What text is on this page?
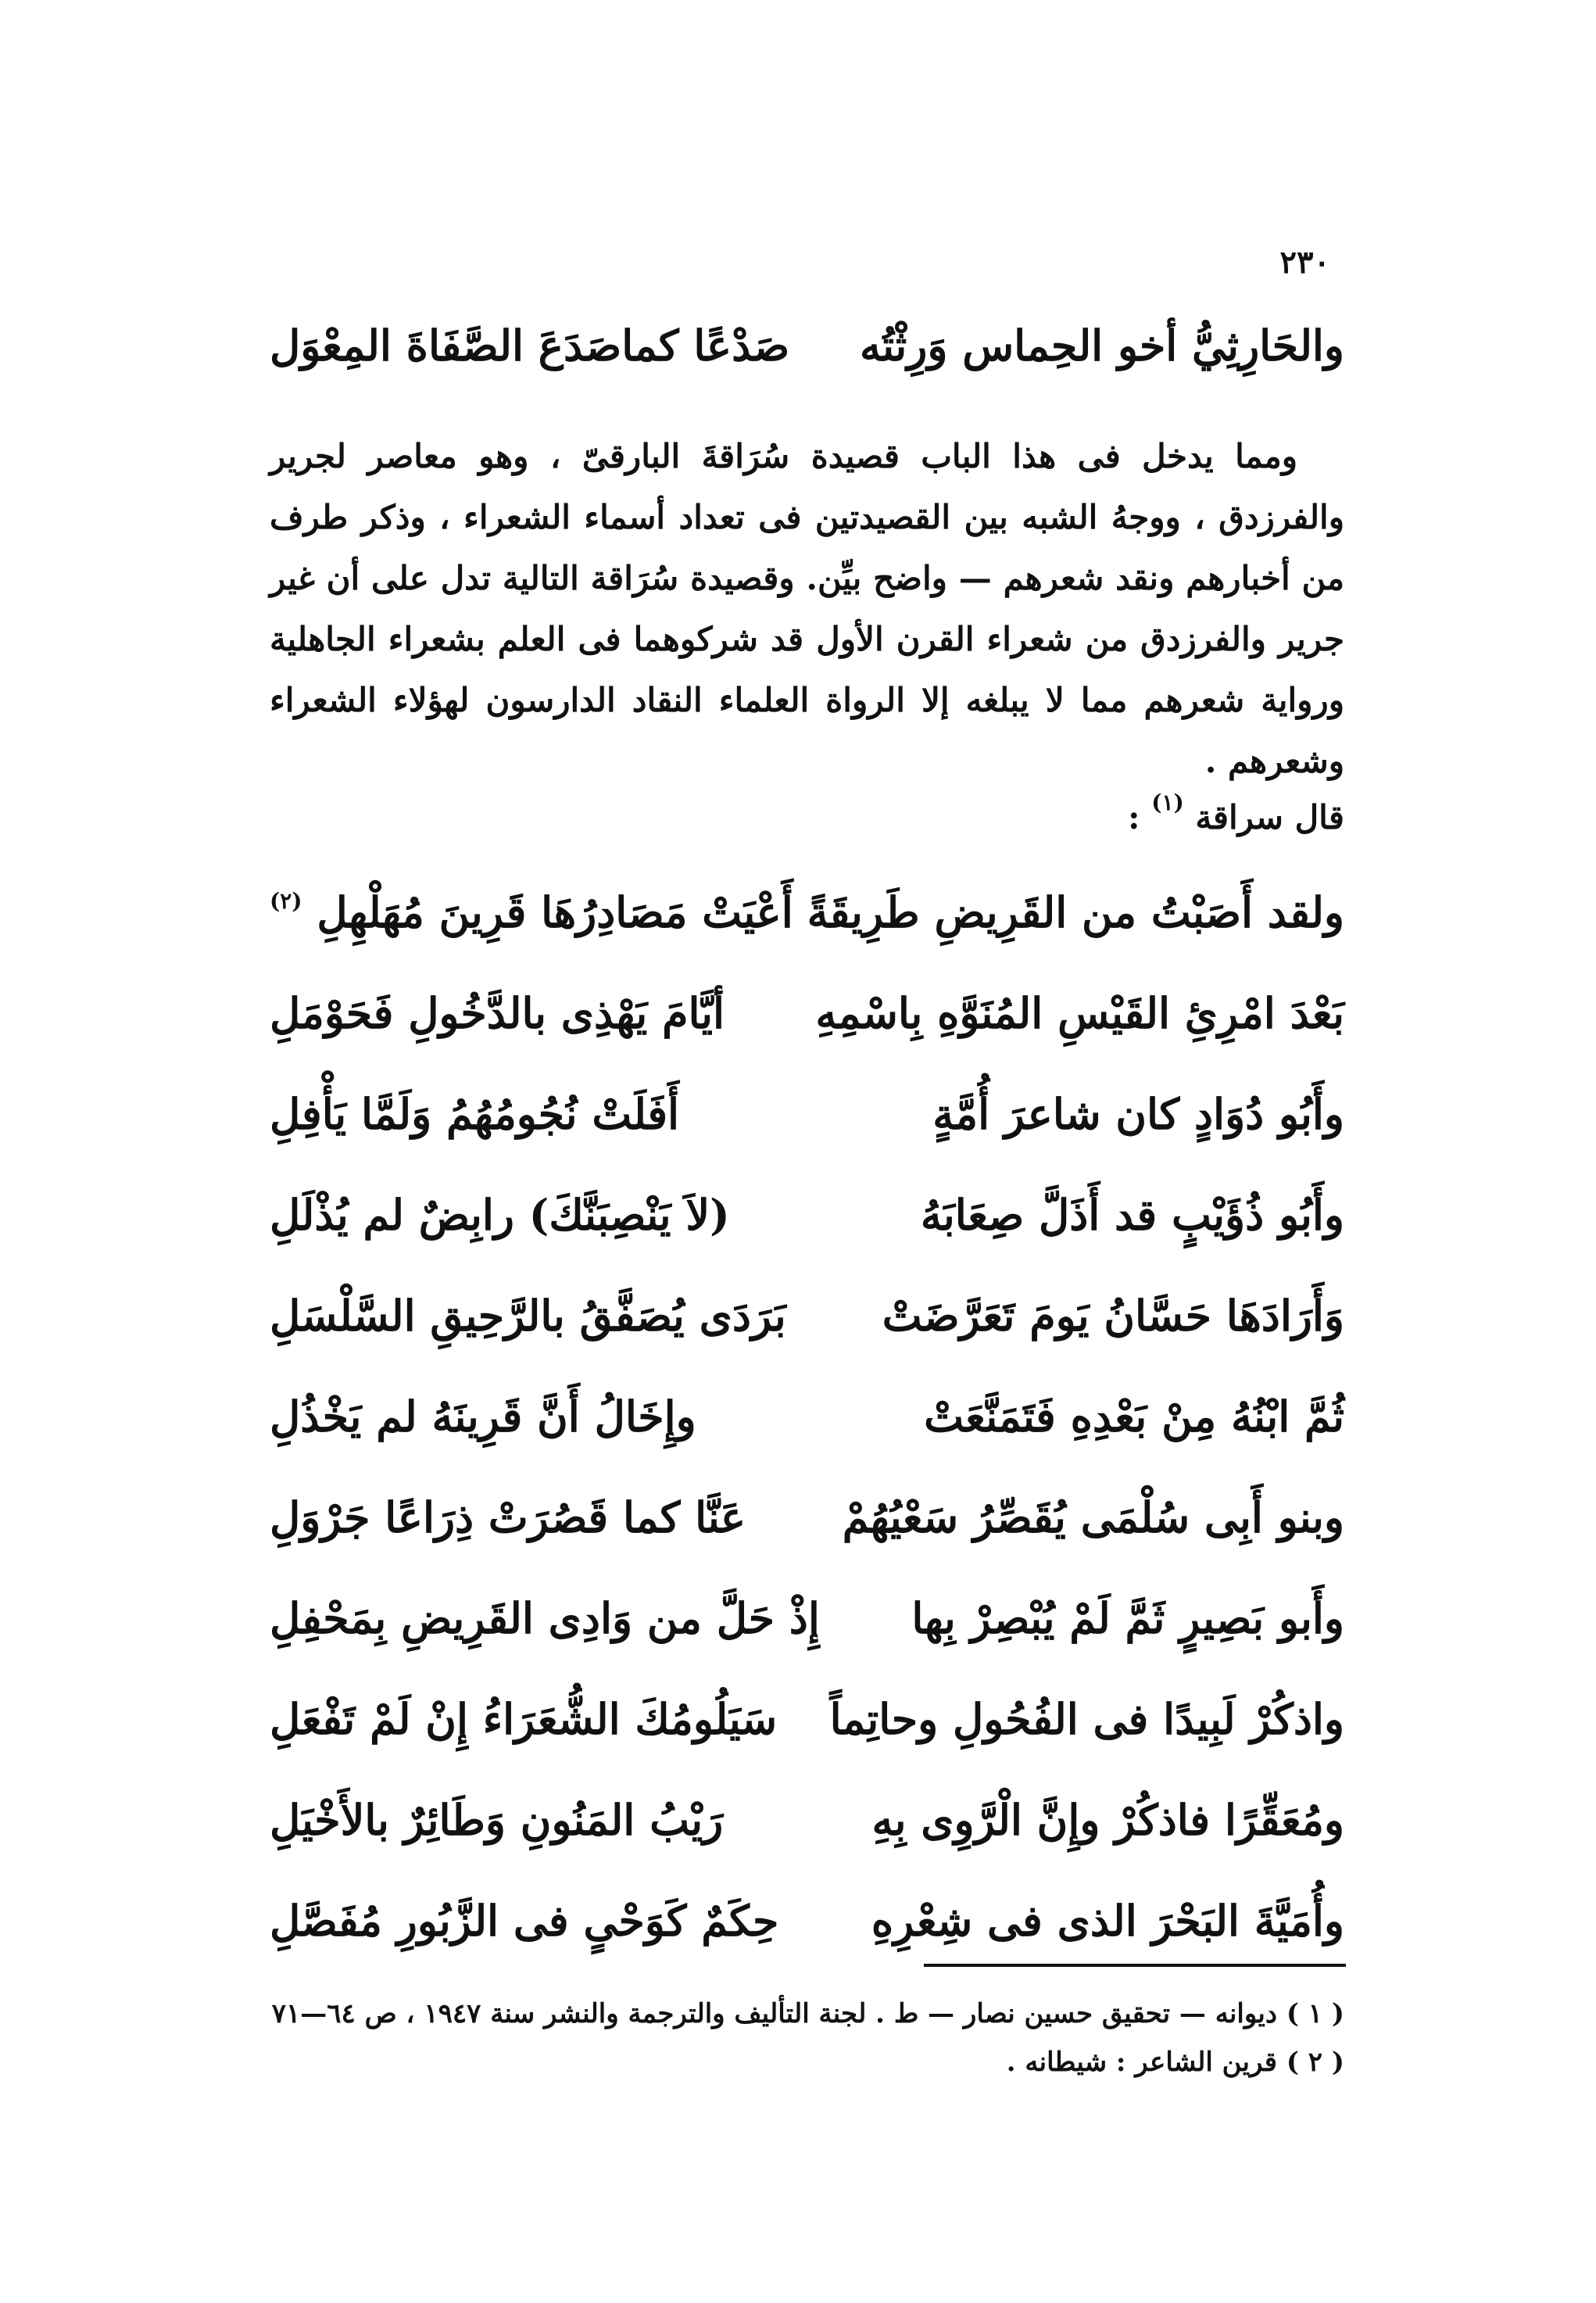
٢٣٠
والحَارِثِيُّ أخو الحِماس وَرِثْتُه
صَدْعًا كماصَدَعَ الصَّفَاةَ المِعْوَل

ومما يدخل فى هذا الباب قصيدة سُرَاقةَ البارقىّ ، وهو معاصر لجرير والفرزدق ، ووجهُ الشبه بين القصيدتين فى تعداد أسماء الشعراء ، وذكر طرف من أخبارهم ونقد شعرهم — واضح بيِّن. وقصيدة سُرَاقة التالية تدل على أن غير جرير والفرزدق من شعراء القرن الأول قد شركوهما فى العلم بشعراء الجاهلية ورواية شعرهم مما لا يبلغه إلا الرواة العلماء النقاد الدارسون لهؤلاء الشعراء وشعرهم .

قال سراقة $^{(١)}$ :
ولقد أَصَبْتُ من القَرِيضِ طَرِيقَةً
أَعْيَتْ مَصَادِرُهَا قَرِينَ مُهَلْهِلِ $^{(٢)}$
بَعْدَ امْرِئِ القَيْسِ المُنَوَّهِ بِاسْمِهِ
أيَّامَ يَهْذِى بالدَّخُولِ فَحَوْمَلِ
وأَبُو دُوَادٍ كان شاعرَ أُمَّةٍ
أَفَلَتْ نُجُومُهُمُ وَلَمَّا يَأْفِلِ
وأَبُو ذُؤَيْبٍ قد أَذَلَّ صِعَابَهُ
(لاَ يَنْصِبَنَّكَ) رابِضٌ لم يُذْلَلِ
وَأَرَادَهَا حَسَّانُ يَومَ تَعَرَّضَتْ
بَرَدَى يُصَفَّقُ بالرَّحِيقِ السَّلْسَلِ
ثُمَّ ابْنُهُ مِنْ بَعْدِهِ فَتَمَنَّعَتْ
وإِخَالُ أَنَّ قَرِينَهُ لم يَخْذُلِ
وبنو أَبِى سُلْمَى يُقَصِّرُ سَعْيُهُمْ
عَنَّا كما قَصُرَتْ ذِرَاعًا جَرْوَلِ
وأَبو بَصِيرٍ ثَمَّ لَمْ يُبْصِرْ بِها
إِذْ حَلَّ من وَادِى القَرِيضِ بِمَحْفِلِ
واذكُرْ لَبِيدًا فى الفُحُولِ وحاتِماً
سَيَلُومُكَ الشُّعَرَاءُ إِنْ لَمْ تَفْعَلِ
ومُعَقِّرًا فاذكُرْ وإِنَّ الْرَّوِى بِهِ
رَيْبُ المَنُونِ وَطَائِرٌ بالأَخْيَلِ
وأُمَيَّةَ البَحْرَ الذى فى شِعْرِهِ
حِكَمٌ كَوَحْىٍ فى الزَّبُورِ مُفَصَّلِ
( ١ ) ديوانه — تحقيق حسين نصار — ط . لجنة التأليف والترجمة والنشر سنة ١٩٤٧ ، ص ٦٤—٧١
( ٢ ) قرين الشاعر : شيطانه .
